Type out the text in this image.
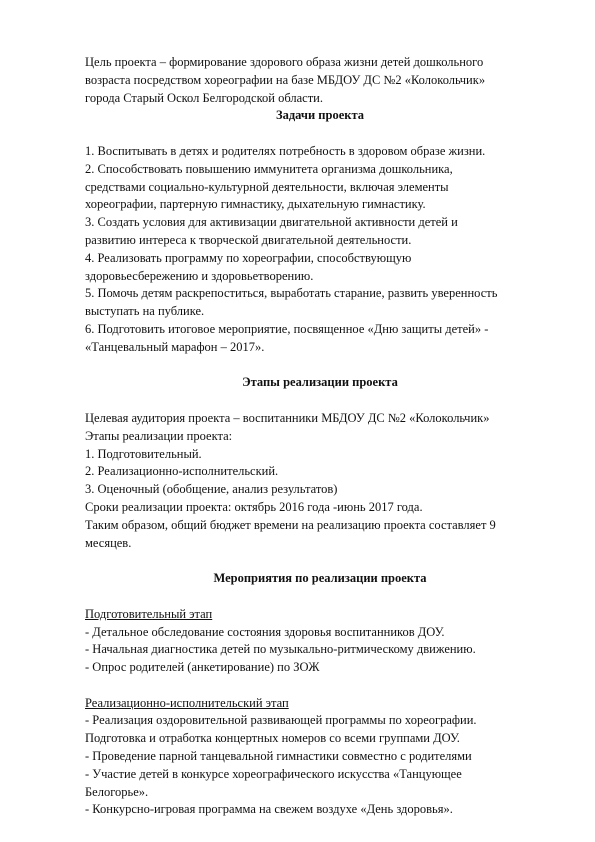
Цель проекта – формирование здорового образа жизни детей дошкольного

возраста посредством хореографии на базе МБДОУ ДС №2 «Колокольчик»

города Старый Оскол Белгородской области.

Задачи проекта

1. Воспитывать в детях и родителях потребность в здоровом образе жизни.

2. Способствовать повышению иммунитета организма дошкольника,

средствами социально-культурной деятельности, включая элементы

хореографии, партерную гимнастику, дыхательную гимнастику.

3. Создать условия для активизации двигательной активности детей и

развитию интереса к творческой двигательной деятельности.

4. Реализовать программу по хореографии, способствующую

здоровьесбережению и здоровьетворению.

5. Помочь детям раскрепоститься, выработать старание, развить уверенность

выступать на публике.

6. Подготовить итоговое мероприятие, посвященное «Дню защиты детей» -

«Танцевальный марафон – 2017».

Этапы реализации проекта

Целевая аудитория проекта – воспитанники МБДОУ ДС №2 «Колокольчик»

Этапы реализации проекта:

1. Подготовительный.

2. Реализационно-исполнительский.

3. Оценочный (обобщение, анализ результатов)

Сроки реализации проекта: октябрь 2016 года -июнь 2017 года.

Таким образом, общий бюджет времени на реализацию проекта составляет 9

месяцев.

Мероприятия по реализации проекта

Подготовительный этап

- Детальное обследование состояния здоровья воспитанников ДОУ.

- Начальная диагностика детей по музыкально-ритмическому движению.

- Опрос родителей (анкетирование) по ЗОЖ

Реализационно-исполнительский этап

- Реализация оздоровительной развивающей программы по хореографии.

Подготовка и отработка концертных номеров со всеми группами ДОУ.

- Проведение парной танцевальной гимнастики совместно с родителями

- Участие детей в конкурсе хореографического искусства «Танцующее

Белогорье».

- Конкурсно-игровая программа на свежем воздухе «День здоровья».
